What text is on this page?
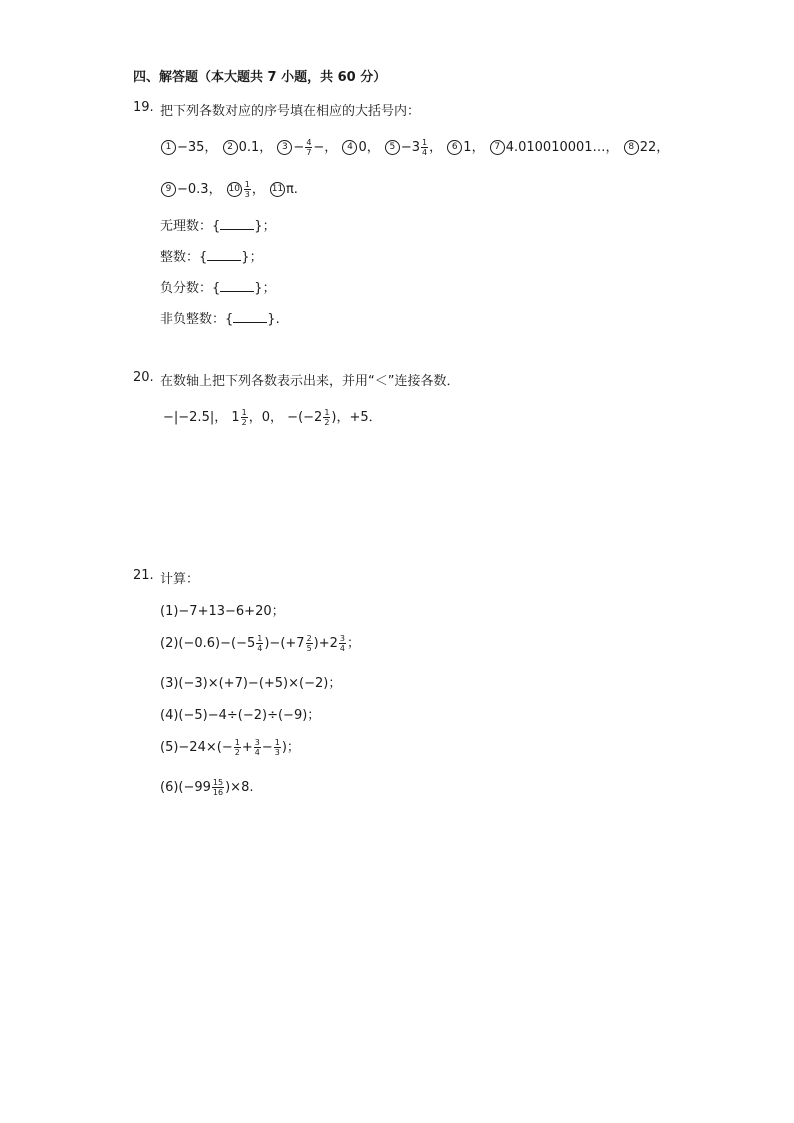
四、解答题（本大题共 7 小题，共 60 分）
19. 把下列各数对应的序号填在相应的大括号内：
1 −35， 2 0.1， $3 - \frac{4}{7}$ −， 4 0， $5 -3 \frac{1}{4}$ ， 6 1， 7 4.010010001…， 8 22，
9 −0.3， $10 \frac{1}{3}$ ， 11 π.
无理数：{	}；
整数：{	}；
负分数：{	}；
非负整数：{	}.
20. 在数轴上把下列各数表示出来，并用“＜”连接各数．
−|−2.5|， $1 \frac{1}{2}$ ，0， $-(-2 \frac{1}{2}$ )，+5．
21. 计算：
(1)−7+13−6+20；
$(2)(-0.6)-(-5 \frac{1}{4} )-(+7 \frac{2}{5} )+2 \frac{3}{4}$ ；
(3)(−3)×(+7)−(+5)×(−2)；
(4)(−5)−4÷(−2)÷(−9)；
$(5)-24\times(- \frac{1}{2} + \frac{3}{4} - \frac{1}{3}$ )；
$(6)(-99 \frac{15}{16} )\times 8$.
